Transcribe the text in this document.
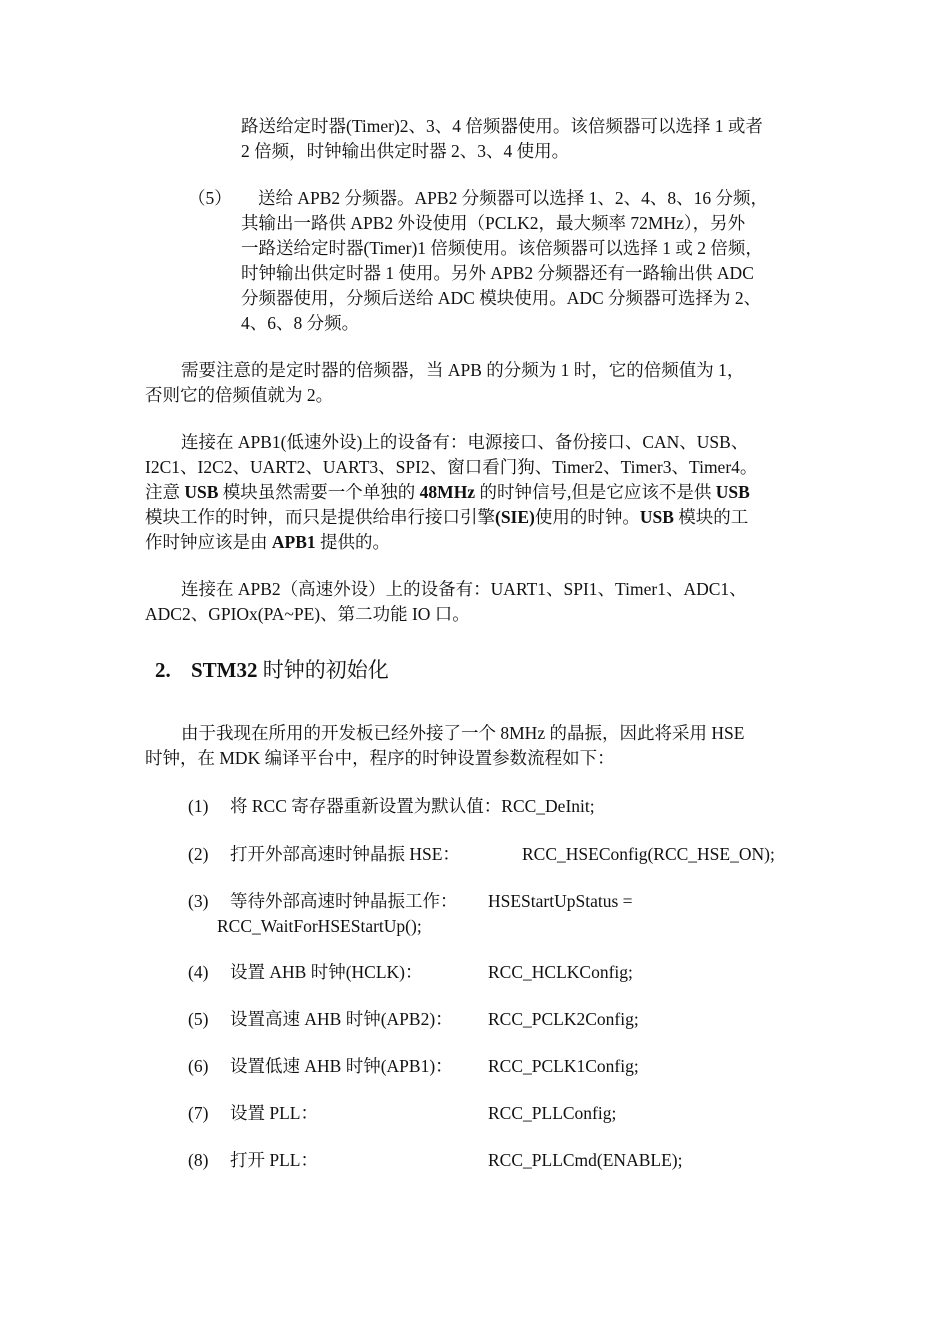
路送给定时器(Timer)2、3、4 倍频器使用。该倍频器可以选择 1 或者
2 倍频，时钟输出供定时器 2、3、4 使用。
（5） 送给 APB2 分频器。APB2 分频器可以选择 1、2、4、8、16 分频，
其输出一路供 APB2 外设使用（PCLK2，最大频率 72MHz），另外
一路送给定时器(Timer)1 倍频使用。该倍频器可以选择 1 或 2 倍频，
时钟输出供定时器 1 使用。另外 APB2 分频器还有一路输出供 ADC
分频器使用，分频后送给 ADC 模块使用。ADC 分频器可选择为 2、
4、6、8 分频。
需要注意的是定时器的倍频器，当 APB 的分频为 1 时，它的倍频值为 1，
否则它的倍频值就为 2。
连接在 APB1(低速外设)上的设备有：电源接口、备份接口、CAN、USB、
I2C1、I2C2、UART2、UART3、SPI2、窗口看门狗、Timer2、Timer3、Timer4。
注意 USB 模块虽然需要一个单独的 48MHz 的时钟信号,但是它应该不是供 USB
模块工作的时钟，而只是提供给串行接口引擎(SIE)使用的时钟。USB 模块的工
作时钟应该是由 APB1 提供的。
连接在 APB2（高速外设）上的设备有：UART1、SPI1、Timer1、ADC1、
ADC2、GPIOx(PA~PE)、第二功能 IO 口。
2. STM32 时钟的初始化
由于我现在所用的开发板已经外接了一个 8MHz 的晶振，因此将采用 HSE
时钟，在 MDK 编译平台中，程序的时钟设置参数流程如下：
(1) 将 RCC 寄存器重新设置为默认值：RCC_DeInit;
(2) 打开外部高速时钟晶振 HSE：	RCC_HSEConfig(RCC_HSE_ON);
(3) 等待外部高速时钟晶振工作： HSEStartUpStatus =
RCC_WaitForHSEStartUp();
(4) 设置 AHB 时钟(HCLK)：	RCC_HCLKConfig;
(5) 设置高速 AHB 时钟(APB2)： RCC_PCLK2Config;
(6) 设置低速 AHB 时钟(APB1)： RCC_PCLK1Config;
(7) 设置 PLL：	RCC_PLLConfig;
(8) 打开 PLL：	RCC_PLLCmd(ENABLE);
